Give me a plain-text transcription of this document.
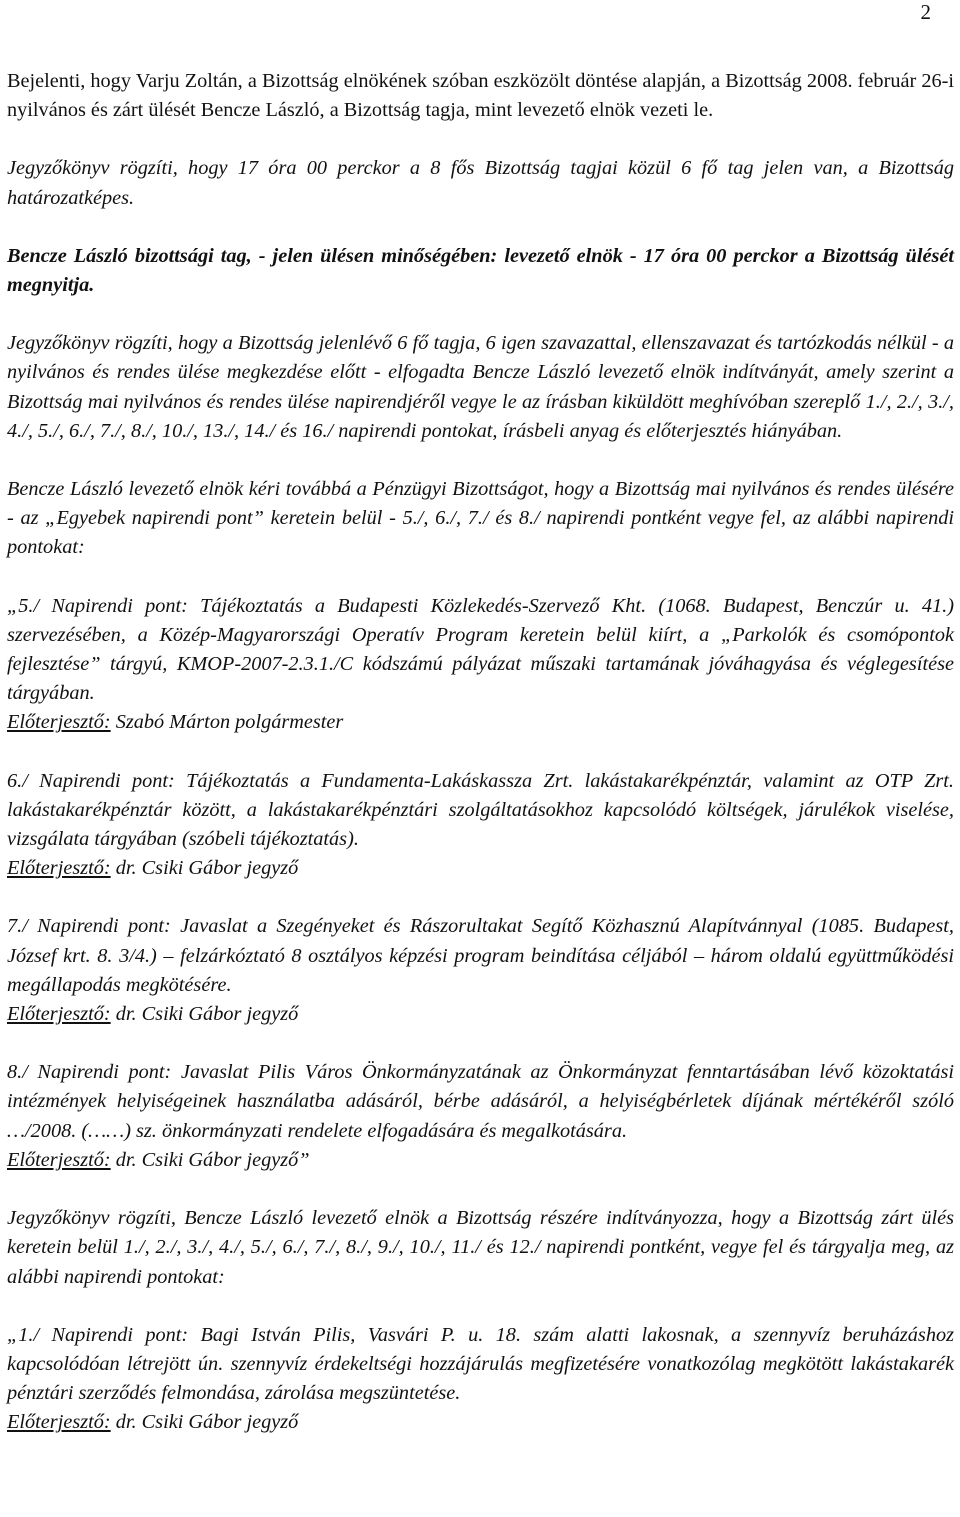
2

Bejelenti, hogy Varju Zoltán, a Bizottság elnökének szóban eszközölt döntése alapján, a Bizottság 2008. február 26-i nyilvános és zárt ülését Bencze László, a Bizottság tagja, mint levezető elnök vezeti le.

Jegyzőkönyv rögzíti, hogy 17 óra 00 perckor a 8 fős Bizottság tagjai közül 6 fő tag jelen van, a Bizottság határozatképes.

Bencze László bizottsági tag, - jelen ülésen minőségében: levezető elnök - 17 óra 00 perckor a Bizottság ülését megnyitja.

Jegyzőkönyv rögzíti, hogy a Bizottság jelenlévő 6 fő tagja, 6 igen szavazattal, ellenszavazat és tartózkodás nélkül - a nyilvános és rendes ülése megkezdése előtt - elfogadta Bencze László levezető elnök indítványát, amely szerint a Bizottság mai nyilvános és rendes ülése napirendjéről vegye le az írásban kiküldött meghívóban szereplő 1./, 2./, 3./, 4./, 5./, 6./, 7./, 8./, 10./, 13./, 14./ és 16./ napirendi pontokat, írásbeli anyag és előterjesztés hiányában.

Bencze László levezető elnök kéri továbbá a Pénzügyi Bizottságot, hogy a Bizottság mai nyilvános és rendes ülésére - az „Egyebek napirendi pont” keretein belül - 5./, 6./, 7./ és 8./ napirendi pontként vegye fel, az alábbi napirendi pontokat:

„5./ Napirendi pont: Tájékoztatás a Budapesti Közlekedés-Szervező Kht. (1068. Budapest, Benczúr u. 41.) szervezésében, a Közép-Magyarországi Operatív Program keretein belül kiírt, a „Parkolók és csomópontok fejlesztése” tárgyú, KMOP-2007-2.3.1./C kódszámú pályázat műszaki tartamának jóváhagyása és véglegesítése tárgyában.

Előterjesztő: Szabó Márton polgármester

6./ Napirendi pont: Tájékoztatás a Fundamenta-Lakáskassza Zrt. lakástakarékpénztár, valamint az OTP Zrt. lakástakarékpénztár között, a lakástakarékpénztári szolgáltatásokhoz kapcsolódó költségek, járulékok viselése, vizsgálata tárgyában (szóbeli tájékoztatás).

Előterjesztő: dr. Csiki Gábor jegyző

7./ Napirendi pont: Javaslat a Szegényeket és Rászorultakat Segítő Közhasznú Alapítvánnyal (1085. Budapest, József krt. 8. 3/4.) – felzárkóztató 8 osztályos képzési program beindítása céljából – három oldalú együttműködési megállapodás megkötésére.

Előterjesztő: dr. Csiki Gábor jegyző

8./ Napirendi pont: Javaslat Pilis Város Önkormányzatának az Önkormányzat fenntartásában lévő közoktatási intézmények helyiségeinek használatba adásáról, bérbe adásáról, a helyiségbérletek díjának mértékéről szóló …/2008. (……) sz. önkormányzati rendelete elfogadására és megalkotására.

Előterjesztő: dr. Csiki Gábor jegyző”

Jegyzőkönyv rögzíti, Bencze László levezető elnök a Bizottság részére indítványozza, hogy a Bizottság zárt ülés keretein belül 1./, 2./, 3./, 4./, 5./, 6./, 7./, 8./, 9./, 10./, 11./ és 12./ napirendi pontként, vegye fel és tárgyalja meg, az alábbi napirendi pontokat:

„1./ Napirendi pont: Bagi István Pilis, Vasvári P. u. 18. szám alatti lakosnak, a szennyvíz beruházáshoz kapcsolódóan létrejött ún. szennyvíz érdekeltségi hozzájárulás megfizetésére vonatkozólag megkötött lakástakarék pénztári szerződés felmondása, zárolása megszüntetése.

Előterjesztő: dr. Csiki Gábor jegyző
